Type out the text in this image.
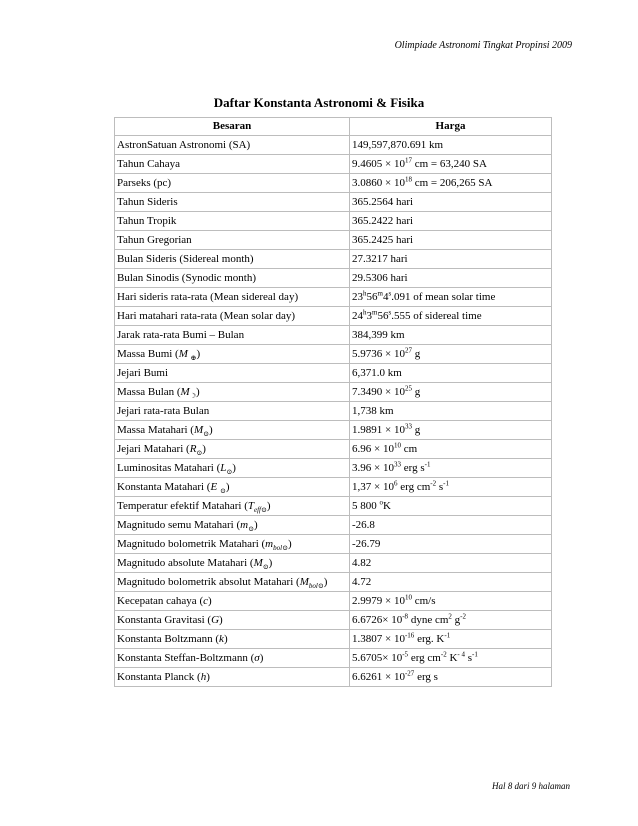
Olimpiade Astronomi Tingkat Propinsi 2009
Daftar Konstanta Astronomi & Fisika
Besaran	Harga
AstronSatuan Astronomi (SA)	149,597,870.691 km
Tahun Cahaya	$9.4605 \times 10^{17}$ cm = 63,240 SA
Parseks (pc)	$3.0860 \times 10^{18}$ cm = 206,265 SA
Tahun Sideris	365.2564 hari
Tahun Tropik	365.2422 hari
Tahun Gregorian	365.2425 hari
Bulan Sideris (Sidereal month)	27.3217 hari
Bulan Sinodis (Synodic month)	29.5306 hari
Hari sideris rata-rata (Mean sidereal day)	23$^h$56$^m$4$^s$.091 of mean solar time
Hari matahari rata-rata (Mean solar day)	24$^h$3$^m$56$^s$.555 of sidereal time
Jarak rata-rata Bumi – Bulan	384,399 km
Massa Bumi (M $_\oplus$)	$5.9736 \times 10^{27}$ g
Jejari Bumi	6,371.0 km
Massa Bulan $(M_☽)$	$7.3490 \times 10^{25}$ g
Jejari rata-rata Bulan	1,738 km
Massa Matahari $(M_⊙)$	$1.9891 \times 10^{33}$ g
Jejari Matahari $(R_⊙)$	$6.96 \times 10^{10}$ cm
Luminositas Matahari $(L_⊙)$	$3.96 \times 10^{33}$ erg $s^{-1}$
Konstanta Matahari (E $_⊙$)	$1,37 \times 10^6$ erg $cm^{-2}$ $s^{-1}$
Temperatur efektif Matahari $(T_{eff⊙})$	5 800 $^o$K
Magnitudo semu Matahari $(m_⊙)$	-26.8
Magnitudo bolometrik Matahari $(m_{bol⊙})$	-26.79
Magnitudo absolute Matahari $(M_⊙)$	4.82
Magnitudo bolometrik absolut Matahari $(M_{bol⊙})$	4.72
Kecepatan cahaya (c)	$2.9979 \times 10^{10}$ cm/s
Konstanta Gravitasi (G)	$6.6726\times 10^{-8}$ dyne $cm^2$ $g^{-2}$
Konstanta Boltzmann (k)	$1.3807 \times 10^{-16}$ erg. $K^{-1}$
Konstanta Steffan-Boltzmann (σ)	$5.6705\times 10^{-5}$ erg $cm^{-2}$ $K^{- 4}$ $s^{-1}$
Konstanta Planck (h)	$6.6261 \times 10^{-27}$ erg s
Hal 8 dari 9 halaman
